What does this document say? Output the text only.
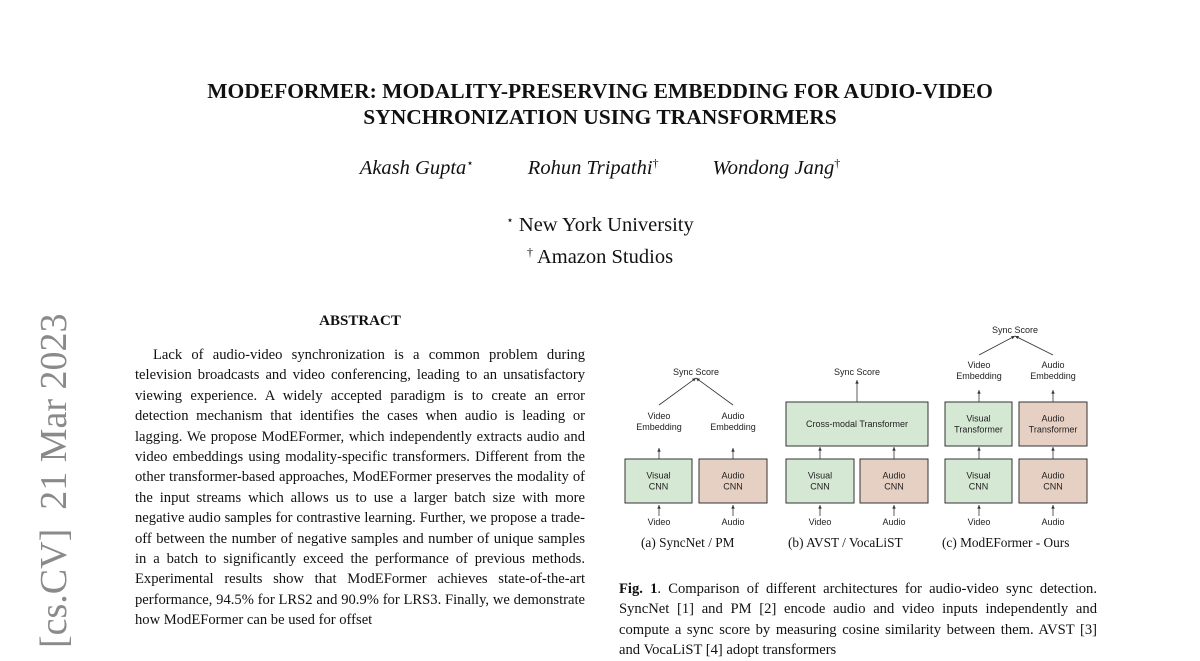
[cs.CV]  21 Mar 2023
MODEFORMER: MODALITY-PRESERVING EMBEDDING FOR AUDIO-VIDEO
SYNCHRONIZATION USING TRANSFORMERS
Akash Gupta⋆	Rohun Tripathi†	Wondong Jang†
⋆ New York University
† Amazon Studios
ABSTRACT

Lack of audio-video synchronization is a common problem during television broadcasts and video conferencing, leading to an unsatisfactory viewing experience. A widely accepted paradigm is to create an error detection mechanism that identifies the cases when audio is leading or lagging. We propose ModEFormer, which independently extracts audio and video embeddings using modality-specific transformers. Different from the other transformer-based approaches, ModEFormer preserves the modality of the input streams which allows us to use a larger batch size with more negative audio samples for contrastive learning. Further, we propose a trade-off between the number of negative samples and number of unique samples in a batch to significantly exceed the performance of previous methods. Experimental results show that ModEFormer achieves state-of-the-art performance, 94.5% for LRS2 and 90.9% for LRS3. Finally, we demonstrate how ModEFormer can be used for offset

Visual CNN
Audio CNN
Video	Audio
Video Embedding
Audio Embedding
Sync Score
Visual CNN
Audio CNN
Video	Audio
Cross-modal Transformer
Sync Score
Visual CNN
Audio CNN
Video	Audio
Visual Transformer
Audio Transformer
Video Embedding
Audio Embedding
Sync Score
(a) SyncNet / PM	(b) AVST / VocaLiST	(c) ModEFormer - Ours

Fig. 1. Comparison of different architectures for audio-video sync detection. SyncNet [1] and PM [2] encode audio and video inputs independently and compute a sync score by measuring cosine similarity between them. AVST [3] and VocaLiST [4] adopt transformers
